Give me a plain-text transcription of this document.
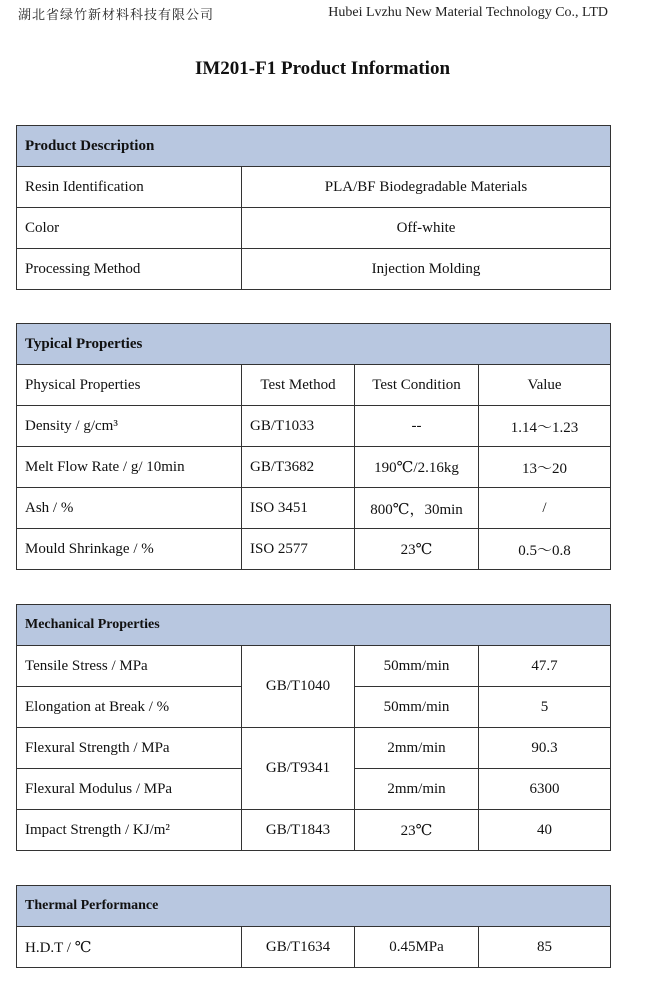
湖北省绿竹新材料科技有限公司	Hubei Lvzhu New Material Technology Co., LTD
IM201-F1 Product Information
Product Description	
Resin Identification	PLA/BF Biodegradable Materials
Color	Off-white
Processing Method	Injection Molding
Typical Properties			
Physical Properties	Test Method	Test Condition	Value
Density / g/cm³	GB/T1033	--	1.14～1.23
Melt Flow Rate / g/ 10min	GB/T3682	190℃/2.16kg	13～20
Ash / %	ISO 3451	800℃，30min	/
Mould Shrinkage / %	ISO 2577	23℃	0.5～0.8
Mechanical Properties			
Tensile Stress / MPa	GB/T1040	50mm/min	47.7
Elongation at Break / %		50mm/min	5
Flexural Strength / MPa	GB/T9341	2mm/min	90.3
Flexural Modulus / MPa		2mm/min	6300
Impact Strength / KJ/m²	GB/T1843	23℃	40
Thermal Performance
H.D.T / ℃	GB/T1634	0.45MPa	85
